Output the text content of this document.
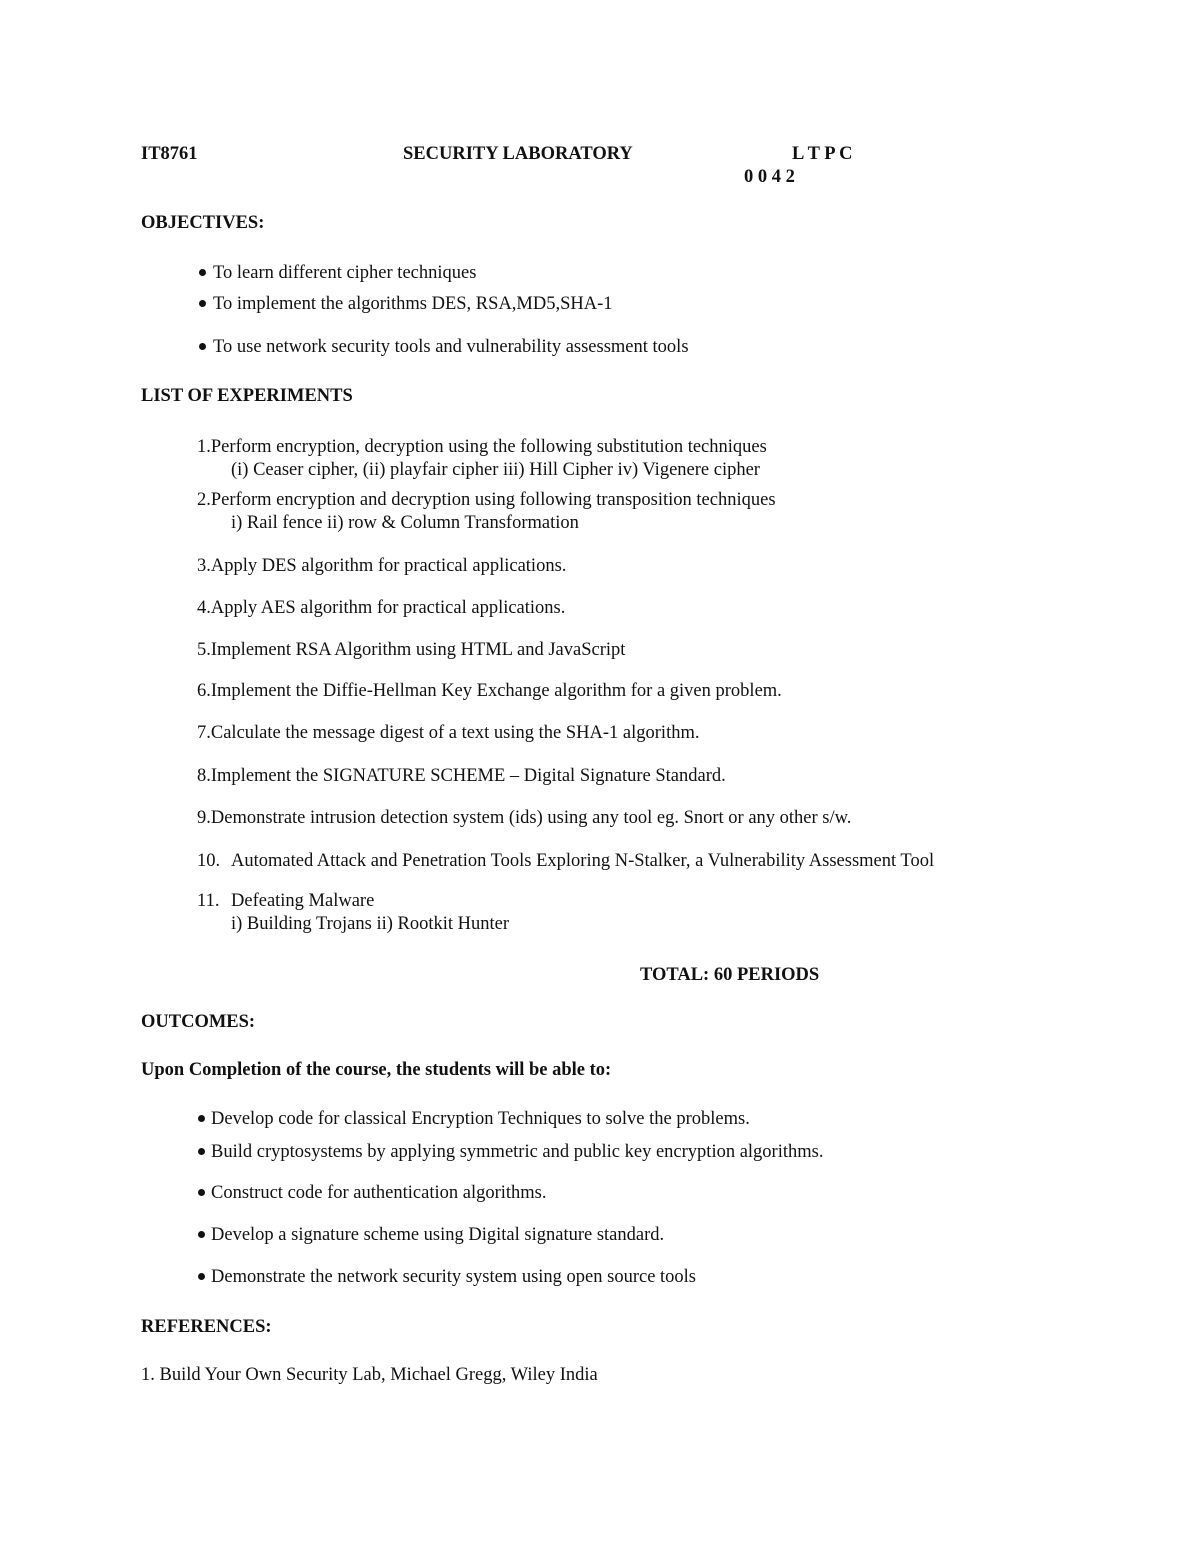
IT8761	SECURITY LABORATORY	L T P C
0 0 4 2
OBJECTIVES:
To learn different cipher techniques
To implement the algorithms DES, RSA,MD5,SHA-1
To use network security tools and vulnerability assessment tools
LIST OF EXPERIMENTS
1.Perform encryption, decryption using the following substitution techniques
(i) Ceaser cipher, (ii) playfair cipher iii) Hill Cipher iv) Vigenere cipher
2.Perform encryption and decryption using following transposition techniques
i) Rail fence ii) row & Column Transformation
3.Apply DES algorithm for practical applications.
4.Apply AES algorithm for practical applications.
5.Implement RSA Algorithm using HTML and JavaScript
6.Implement the Diffie-Hellman Key Exchange algorithm for a given problem.
7.Calculate the message digest of a text using the SHA-1 algorithm.
8.Implement the SIGNATURE SCHEME – Digital Signature Standard.
9.Demonstrate intrusion detection system (ids) using any tool eg. Snort or any other s/w.
10. Automated Attack and Penetration Tools Exploring N-Stalker, a Vulnerability Assessment Tool
11. Defeating Malware
i) Building Trojans ii) Rootkit Hunter
TOTAL: 60 PERIODS
OUTCOMES:
Upon Completion of the course, the students will be able to:
Develop code for classical Encryption Techniques to solve the problems.
Build cryptosystems by applying symmetric and public key encryption algorithms.
Construct code for authentication algorithms.
Develop a signature scheme using Digital signature standard.
Demonstrate the network security system using open source tools
REFERENCES:
1. Build Your Own Security Lab, Michael Gregg, Wiley India
